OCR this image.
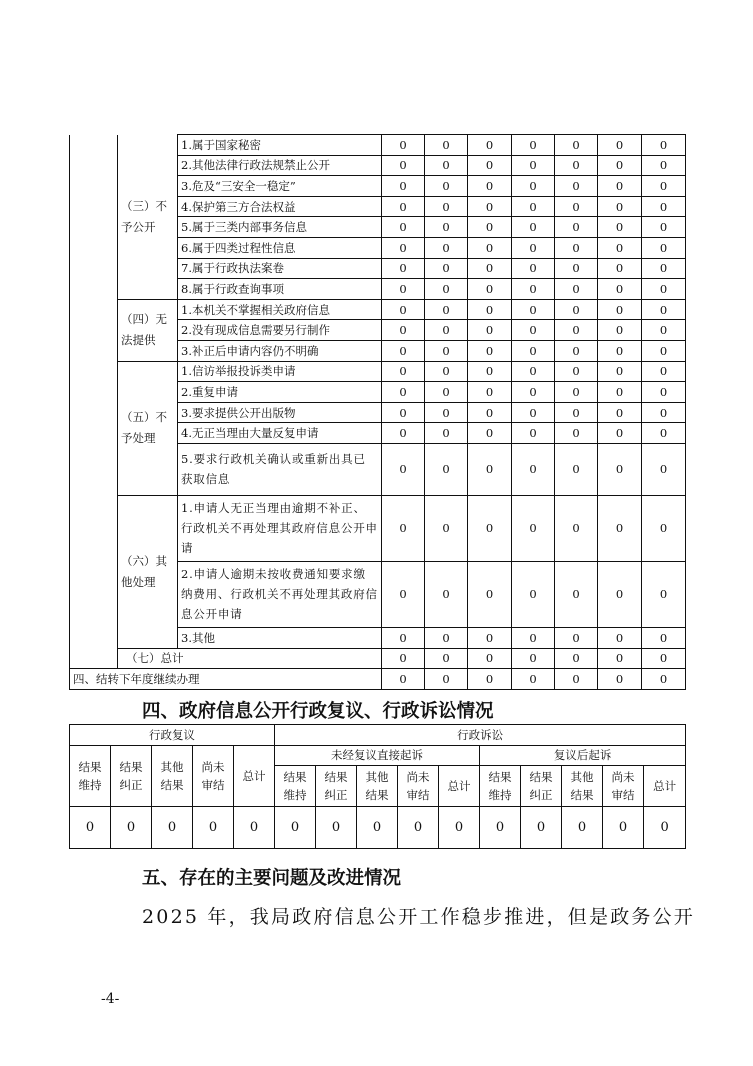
	（三）不予公开	1.属于国家秘密	0	0	0	0	0	0	0
		2.其他法律行政法规禁止公开	0	0	0	0	0	0	0
		3.危及“三安全一稳定”	0	0	0	0	0	0	0
		4.保护第三方合法权益	0	0	0	0	0	0	0
		5.属于三类内部事务信息	0	0	0	0	0	0	0
		6.属于四类过程性信息	0	0	0	0	0	0	0
		7.属于行政执法案卷	0	0	0	0	0	0	0
		8.属于行政查询事项	0	0	0	0	0	0	0
	（四）无法提供	1.本机关不掌握相关政府信息	0	0	0	0	0	0	0
		2.没有现成信息需要另行制作	0	0	0	0	0	0	0
		3.补正后申请内容仍不明确	0	0	0	0	0	0	0
	（五）不予处理	1.信访举报投诉类申请	0	0	0	0	0	0	0
		2.重复申请	0	0	0	0	0	0	0
		3.要求提供公开出版物	0	0	0	0	0	0	0
		4.无正当理由大量反复申请	0	0	0	0	0	0	0
		5.要求行政机关确认或重新出具已获取信息	0	0	0	0	0	0	0
	（六）其他处理	1.申请人无正当理由逾期不补正、行政机关不再处理其政府信息公开申请	0	0	0	0	0	0	0
		2.申请人逾期未按收费通知要求缴纳费用、行政机关不再处理其政府信息公开申请	0	0	0	0	0	0	0
		3.其他	0	0	0	0	0	0	0
	（七）总计		0	0	0	0	0	0	0
四、结转下年度继续办理			0	0	0	0	0	0	0
四、政府信息公开行政复议、行政诉讼情况
行政复议					行政诉讼									
结果维持	结果纠正	其他结果	尚未审结	总计	未经复议直接起诉					复议后起诉				
					结果维持	结果纠正	其他结果	尚未审结	总计	结果维持	结果纠正	其他结果	尚未审结	总计
0	0	0	0	0	0	0	0	0	0	0	0	0	0	0
五、存在的主要问题及改进情况
2025 年，我局政府信息公开工作稳步推进，但是政务公开
-4-
